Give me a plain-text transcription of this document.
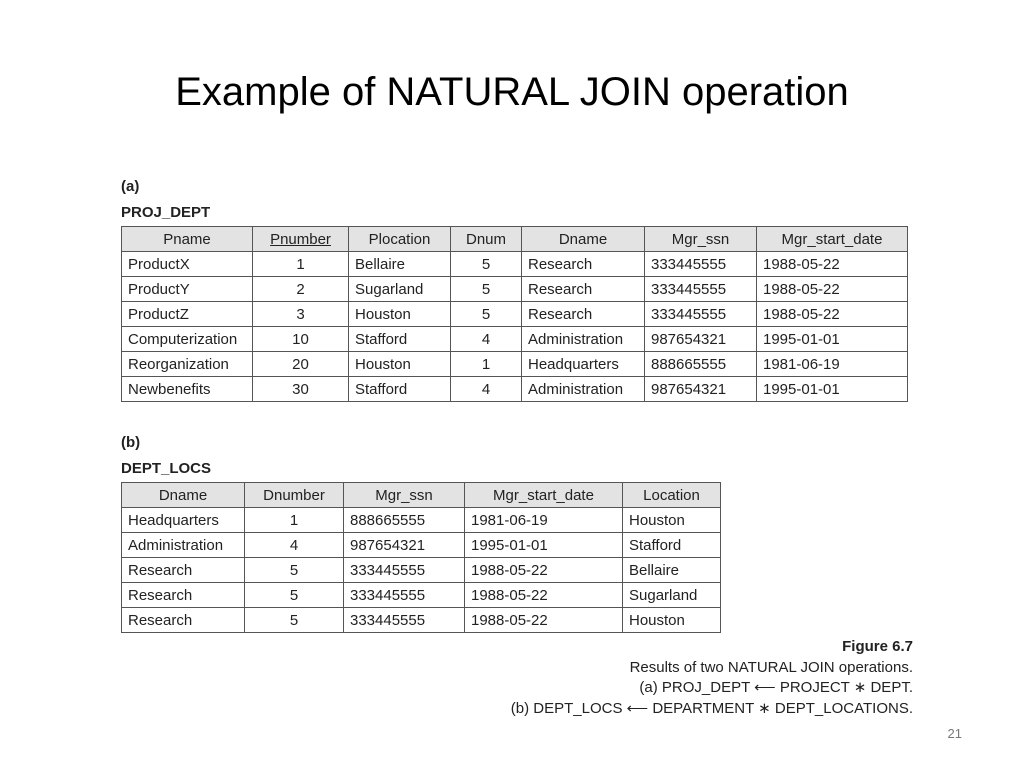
Example of NATURAL JOIN operation
(a)
PROJ_DEPT
Pname	Pnumber	Plocation	Dnum	Dname	Mgr_ssn	Mgr_start_date
ProductX	1	Bellaire	5	Research	333445555	1988-05-22
ProductY	2	Sugarland	5	Research	333445555	1988-05-22
ProductZ	3	Houston	5	Research	333445555	1988-05-22
Computerization	10	Stafford	4	Administration	987654321	1995-01-01
Reorganization	20	Houston	1	Headquarters	888665555	1981-06-19
Newbenefits	30	Stafford	4	Administration	987654321	1995-01-01
(b)
DEPT_LOCS
Dname	Dnumber	Mgr_ssn	Mgr_start_date	Location
Headquarters	1	888665555	1981-06-19	Houston
Administration	4	987654321	1995-01-01	Stafford
Research	5	333445555	1988-05-22	Bellaire
Research	5	333445555	1988-05-22	Sugarland
Research	5	333445555	1988-05-22	Houston
Figure 6.7
Results of two NATURAL JOIN operations.
(a) PROJ_DEPT ⟵ PROJECT ∗ DEPT.
(b) DEPT_LOCS ⟵ DEPARTMENT ∗ DEPT_LOCATIONS.
21
